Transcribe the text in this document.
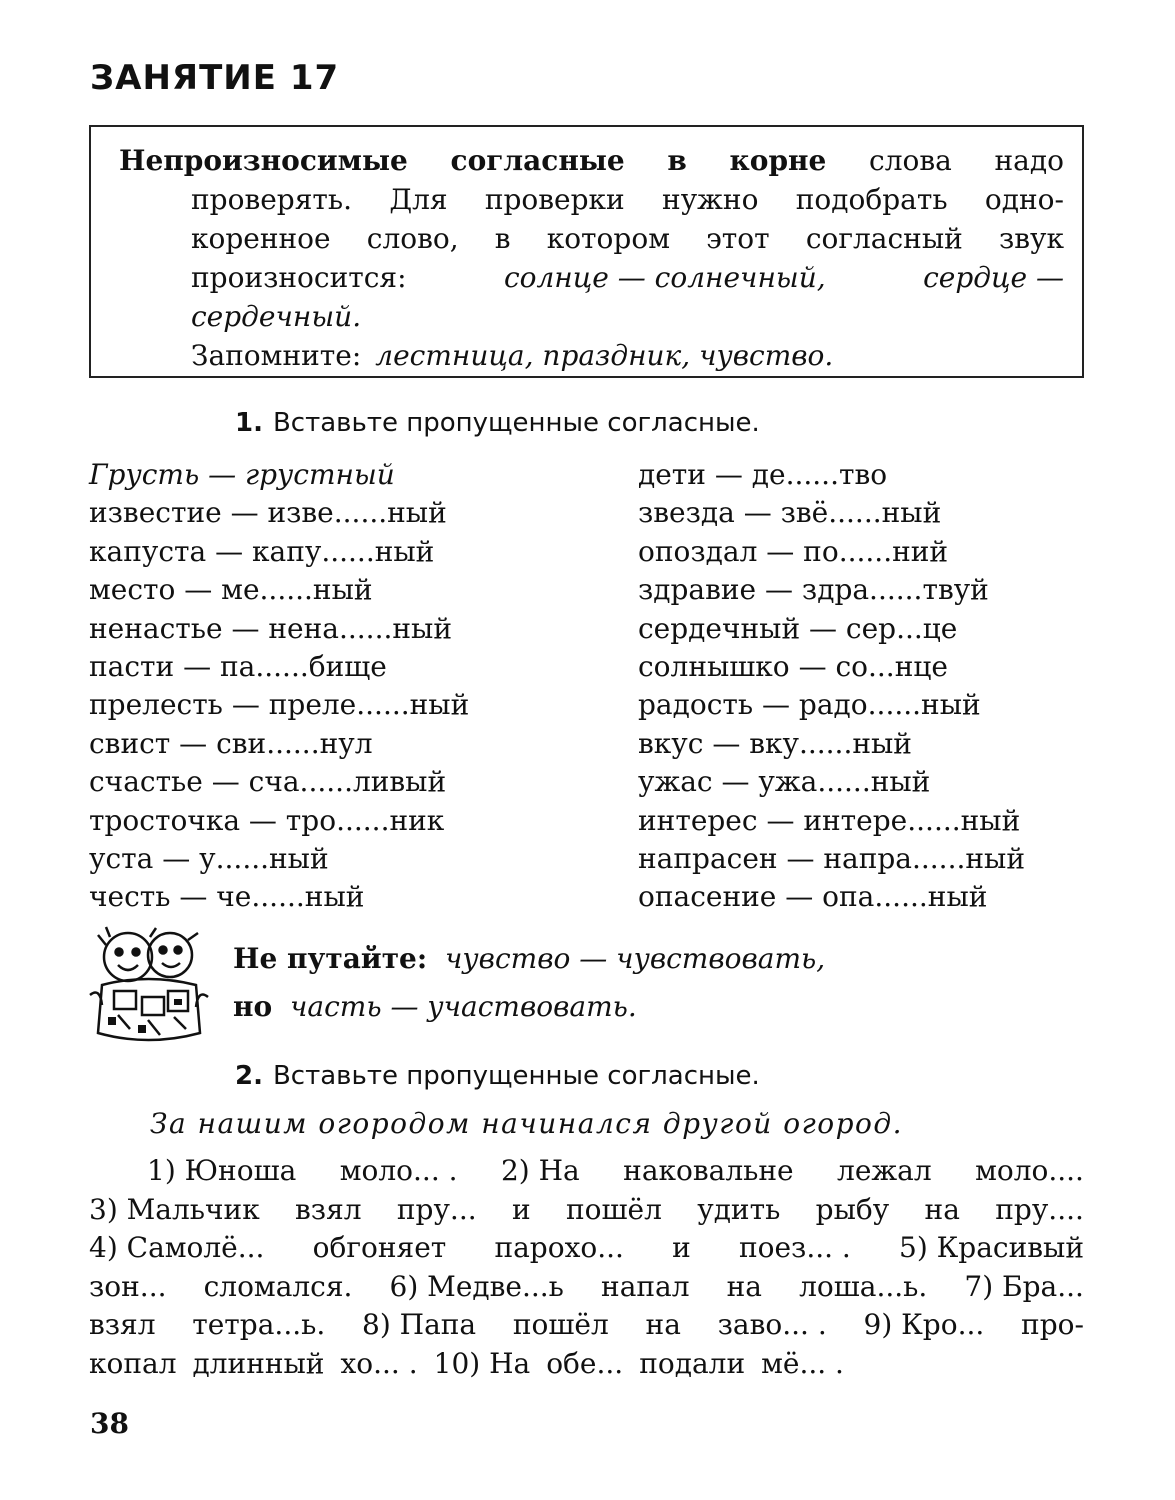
ЗАНЯТИЕ 17
Непроизносимые согласные в корне слова надо
проверять. Для проверки нужно подобрать одно-
коренное слово, в котором этот согласный звук
произносится:	солнце — солнечный,	сердце —
сердечный.
Запомните: лестница, праздник, чувство.
1. Вставьте пропущенные согласные.
Грусть — грустный
известие — изве......ный
капуста — капу......ный
место — ме......ный
ненастье — нена......ный
пасти — па......бище
прелесть — преле......ный
свист — сви......нул
счастье — сча......ливый
тросточка — тро......ник
уста — у......ный
честь — че......ный
дети — де......тво
звезда — звё......ный
опоздал — по......ний
здравие — здра......твуй
сердечный — сер...це
солнышко — со...нце
радость — радо......ный
вкус — вку......ный
ужас — ужа......ный
интерес — интере......ный
напрасен — напра......ный
опасение — опа......ный
Не путайте: чувство — чувствовать,
но часть — участвовать.
2. Вставьте пропущенные согласные.
За нашим огородом начинался другой огород.
1) Юноша моло... . 2) На наковальне лежал моло....
3) Мальчик взял пру... и пошёл удить рыбу на пру....
4) Самолё... обгоняет парохо... и поез... . 5) Красивый
зон... сломался. 6) Медве...ь напал на лоша...ь. 7) Бра...
взял тетра...ь. 8) Папа пошёл на заво... . 9) Кро... про-
копал длинный хо... . 10) На обе... подали мё... .
38
